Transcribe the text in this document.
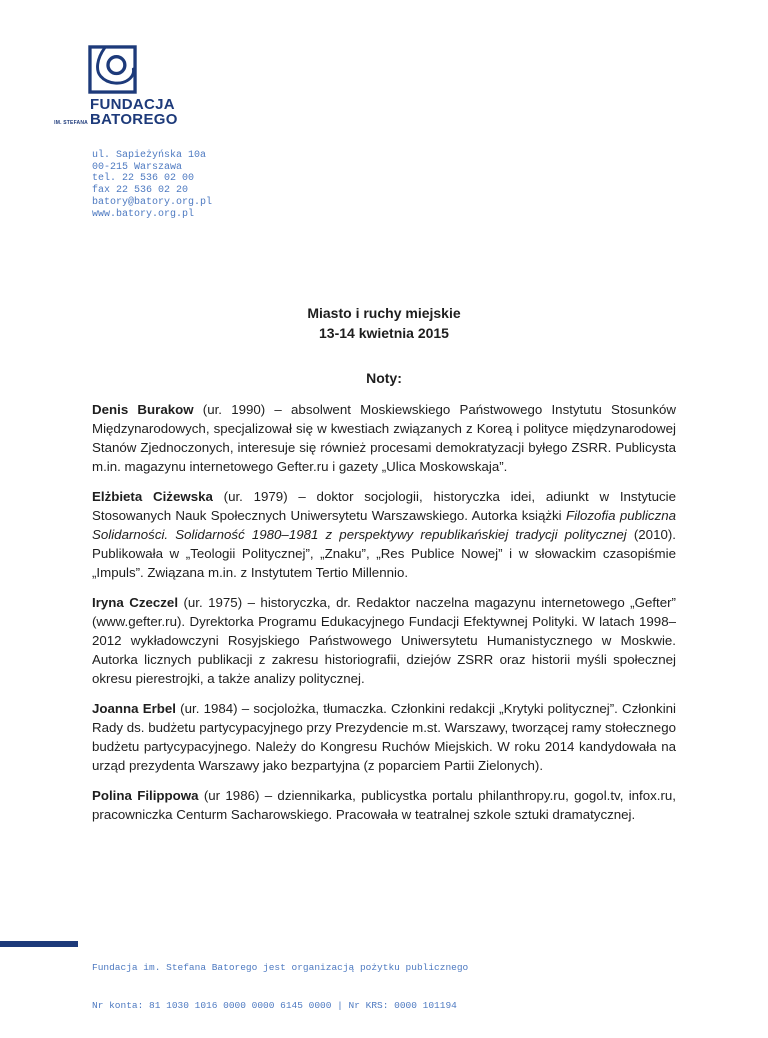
IM. STEFANA
FUNDACJA
BATOREGO
ul. Sapieżyńska 10a
00-215 Warszawa
tel. 22 536 02 00
fax 22 536 02 20
batory@batory.org.pl
www.batory.org.pl
Miasto i ruchy miejskie
13-14 kwietnia 2015
Noty:

Denis Burakow (ur. 1990) – absolwent Moskiewskiego Państwowego Instytutu Stosunków Międzynarodowych, specjalizował się w kwestiach związanych z Koreą i polityce międzynarodowej Stanów Zjednoczonych, interesuje się również procesami demokratyzacji byłego ZSRR. Publicysta m.in. magazynu internetowego Gefter.ru i gazety „Ulica Moskowskaja”.

Elżbieta Ciżewska (ur. 1979) – doktor socjologii, historyczka idei, adiunkt w Instytucie Stosowanych Nauk Społecznych Uniwersytetu Warszawskiego. Autorka książki Filozofia publiczna Solidarności. Solidarność 1980–1981 z perspektywy republikańskiej tradycji politycznej (2010). Publikowała w „Teologii Politycznej”, „Znaku”, „Res Publice Nowej” i w słowackim czasopiśmie „Impuls”. Związana m.in. z Instytutem Tertio Millennio.

Iryna Czeczel (ur. 1975) – historyczka, dr. Redaktor naczelna magazynu internetowego „Gefter” (www.gefter.ru). Dyrektorka Programu Edukacyjnego Fundacji Efektywnej Polityki. W latach 1998–2012 wykładowczyni Rosyjskiego Państwowego Uniwersytetu Humanistycznego w Moskwie. Autorka licznych publikacji z zakresu historiografii, dziejów ZSRR oraz historii myśli społecznej okresu pierestrojki, a także analizy politycznej.

Joanna Erbel (ur. 1984) – socjolożka, tłumaczka. Członkini redakcji „Krytyki politycznej”. Członkini Rady ds. budżetu partycypacyjnego przy Prezydencie m.st. Warszawy, tworzącej ramy stołecznego budżetu partycypacyjnego. Należy do Kongresu Ruchów Miejskich. W roku 2014 kandydowała na urząd prezydenta Warszawy jako bezpartyjna (z poparciem Partii Zielonych).

Polina Filippowa (ur 1986) – dziennikarka, publicystka portalu philanthropy.ru, gogol.tv, infox.ru, pracowniczka Centurm Sacharowskiego. Pracowała w teatralnej szkole sztuki dramatycznej.

Fundacja im. Stefana Batorego jest organizacją pożytku publicznego

Nr konta: 81 1030 1016 0000 0000 6145 0000 | Nr KRS: 0000 101194
